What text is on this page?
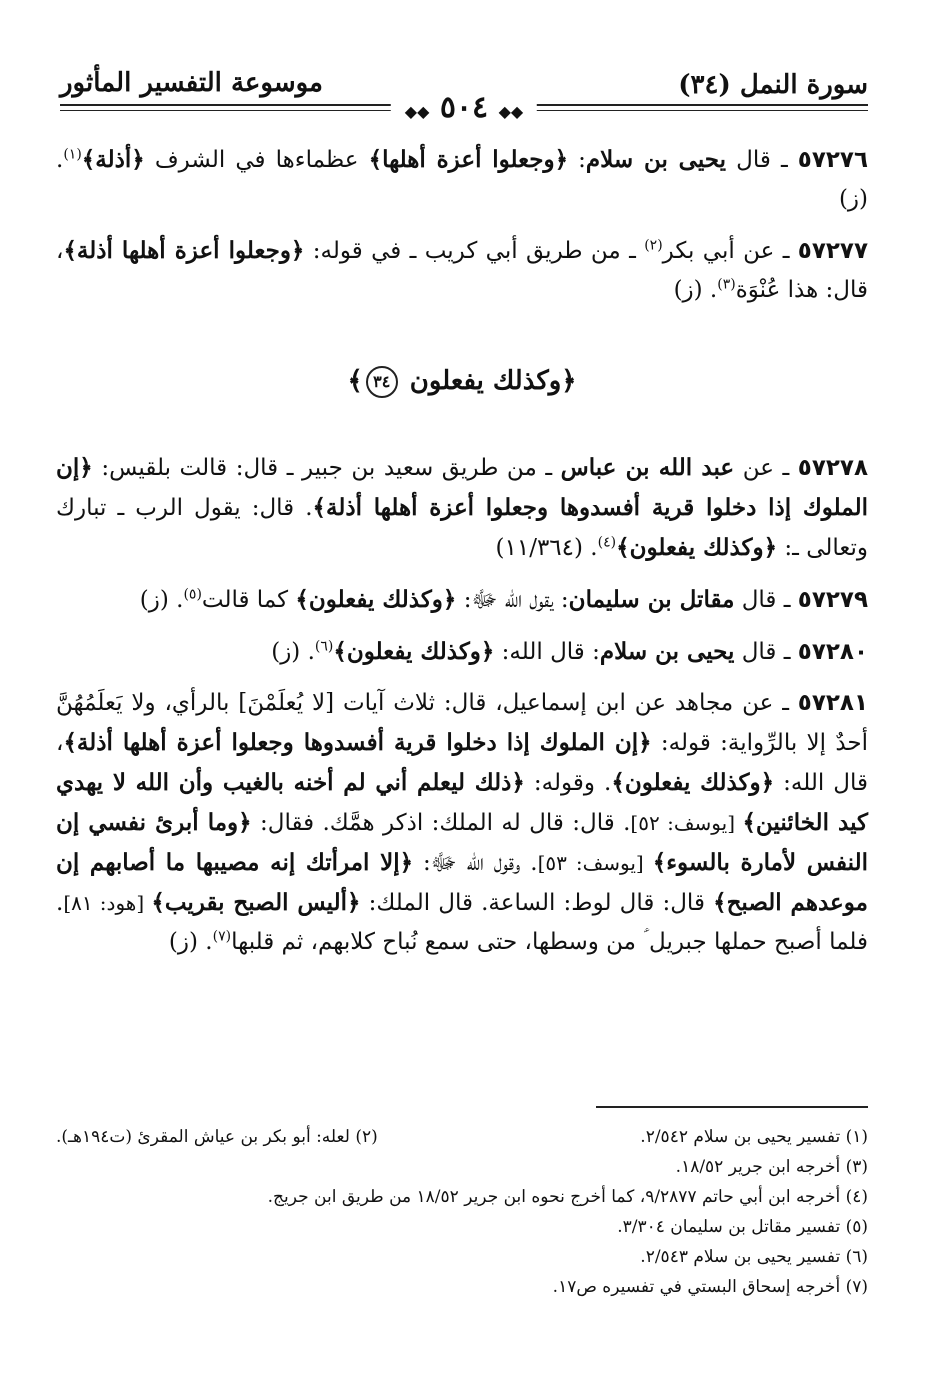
سورة النمل (٣٤)
◆◆ ٥٠٤ ◆◆
موسوعة التفسير المأثور

٥٧٢٧٦ ـ قال يحيى بن سلام: ﴿وجعلوا أعزة أهلها﴾ عظماءها في الشرف ﴿أذلة﴾$^{(١)}$. (ز)

٥٧٢٧٧ ـ عن أبي بكر$^{(٢)}$ ـ من طريق أبي كريب ـ في قوله: ﴿وجعلوا أعزة أهلها أذلة﴾، قال: هذا عُنْوَة$^{(٣)}$. (ز)

﴿وكذلك يفعلون ٣٤﴾

٥٧٢٧٨ ـ عن عبد الله بن عباس ـ من طريق سعيد بن جبير ـ قال: قالت بلقيس: ﴿إن الملوك إذا دخلوا قرية أفسدوها وجعلوا أعزة أهلها أذلة﴾. قال: يقول الرب ـ تبارك وتعالى ـ: ﴿وكذلك يفعلون﴾$^{(٤)}$. (١١/٣٦٤)

٥٧٢٧٩ ـ قال مقاتل بن سليمان: يقول الله ﷻ: ﴿وكذلك يفعلون﴾ كما قالت$^{(٥)}$. (ز)

٥٧٢٨٠ ـ قال يحيى بن سلام: قال الله: ﴿وكذلك يفعلون﴾$^{(٦)}$. (ز)

٥٧٢٨١ ـ عن مجاهد عن ابن إسماعيل، قال: ثلاث آيات [لا يُعلَمْنَ] بالرأي، ولا يَعلَمُهُنَّ أحدٌ إلا بالرِّواية: قوله: ﴿إن الملوك إذا دخلوا قرية أفسدوها وجعلوا أعزة أهلها أذلة﴾، قال الله: ﴿وكذلك يفعلون﴾. وقوله: ﴿ذلك ليعلم أني لم أخنه بالغيب وأن الله لا يهدي كيد الخائنين﴾ [يوسف: ٥٢]. قال: قال له الملك: اذكر همَّك. فقال: ﴿وما أبرئ نفسي إن النفس لأمارة بالسوء﴾ [يوسف: ٥٣]. وقول الله ﷻ: ﴿إلا امرأتك إنه مصيبها ما أصابهم إن موعدهم الصبح﴾ قال: قال لوط: الساعة. قال الملك: ﴿أليس الصبح بقريب﴾ [هود: ٨١]. فلما أصبح حملها جبريل ؑ من وسطها، حتى سمع نُباح كلابهم، ثم قلبها$^{(٧)}$. (ز)

(١) تفسير يحيى بن سلام ٢/٥٤٢.
(٢) لعله: أبو بكر بن عياش المقرئ (ت١٩٤هـ).
(٣) أخرجه ابن جرير ١٨/٥٢.
(٤) أخرجه ابن أبي حاتم ٩/٢٨٧٧، كما أخرج نحوه ابن جرير ١٨/٥٢ من طريق ابن جريج.
(٥) تفسير مقاتل بن سليمان ٣/٣٠٤.
(٦) تفسير يحيى بن سلام ٢/٥٤٣.
(٧) أخرجه إسحاق البستي في تفسيره ص١٧.
